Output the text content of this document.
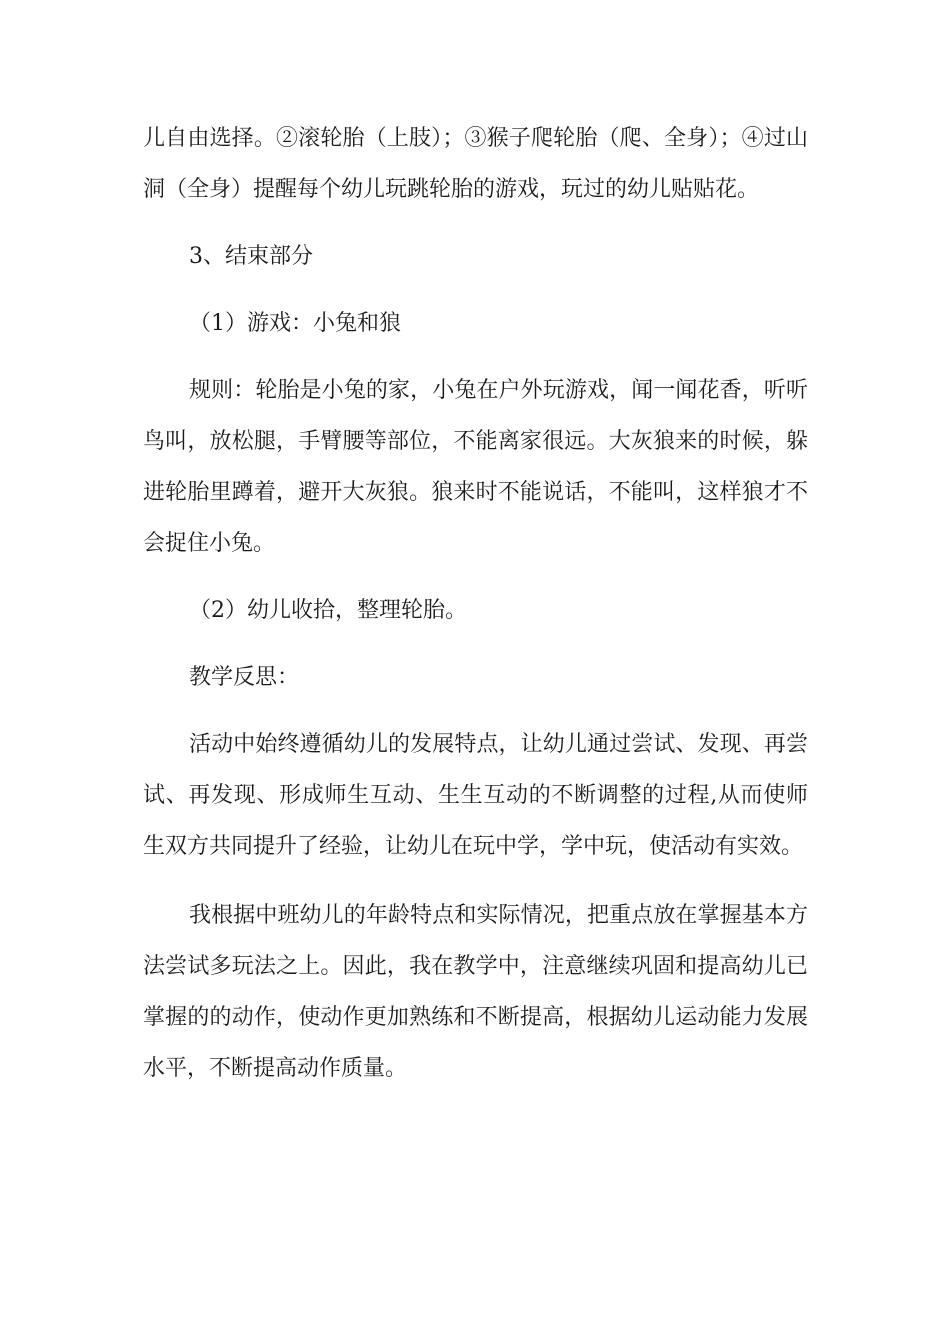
儿自由选择。②滚轮胎（上肢）；③猴子爬轮胎（爬、全身）；④过山洞（全身）提醒每个幼儿玩跳轮胎的游戏，玩过的幼儿贴贴花。

3、结束部分

（1）游戏：小兔和狼

规则：轮胎是小兔的家，小兔在户外玩游戏，闻一闻花香，听听鸟叫，放松腿，手臂腰等部位，不能离家很远。大灰狼来的时候，躲进轮胎里蹲着，避开大灰狼。狼来时不能说话，不能叫，这样狼才不会捉住小兔。

（2）幼儿收拾，整理轮胎。

教学反思：

活动中始终遵循幼儿的发展特点，让幼儿通过尝试、发现、再尝试、再发现、形成师生互动、生生互动的不断调整的过程,从而使师生双方共同提升了经验，让幼儿在玩中学，学中玩，使活动有实效。

我根据中班幼儿的年龄特点和实际情况，把重点放在掌握基本方法尝试多玩法之上。因此，我在教学中，注意继续巩固和提高幼儿已掌握的的动作，使动作更加熟练和不断提高，根据幼儿运动能力发展水平，不断提高动作质量。
